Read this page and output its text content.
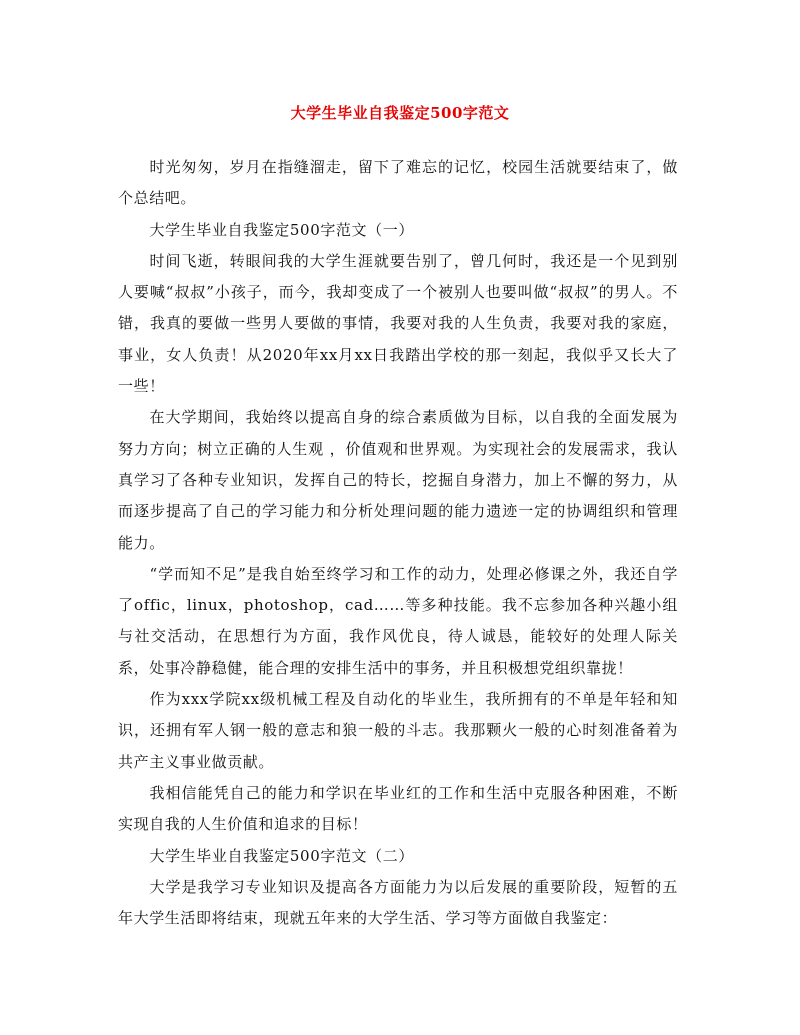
大学生毕业自我鉴定500字范文

时光匆匆，岁月在指缝溜走，留下了难忘的记忆，校园生活就要结束了，做个总结吧。

大学生毕业自我鉴定500字范文（一）

时间飞逝，转眼间我的大学生涯就要告别了，曾几何时，我还是一个见到别人要喊“叔叔”小孩子，而今，我却变成了一个被别人也要叫做“叔叔”的男人。不错，我真的要做一些男人要做的事情，我要对我的人生负责，我要对我的家庭，事业，女人负责！从2020年xx月xx日我踏出学校的那一刻起，我似乎又长大了一些！

在大学期间，我始终以提高自身的综合素质做为目标，以自我的全面发展为努力方向；树立正确的人生观 ，价值观和世界观。为实现社会的发展需求，我认真学习了各种专业知识，发挥自己的特长，挖掘自身潜力，加上不懈的努力，从而逐步提高了自己的学习能力和分析处理问题的能力遗迹一定的协调组织和管理能力。

“学而知不足”是我自始至终学习和工作的动力，处理必修课之外，我还自学了offic，linux，photoshop，cad……等多种技能。我不忘参加各种兴趣小组与社交活动，在思想行为方面，我作风优良，待人诚恳，能较好的处理人际关系，处事冷静稳健，能合理的安排生活中的事务，并且积极想党组织靠拢！

作为xxx学院xx级机械工程及自动化的毕业生，我所拥有的不单是年轻和知识，还拥有军人钢一般的意志和狼一般的斗志。我那颗火一般的心时刻准备着为共产主义事业做贡献。

我相信能凭自己的能力和学识在毕业红的工作和生活中克服各种困难，不断实现自我的人生价值和追求的目标！

大学生毕业自我鉴定500字范文（二）

大学是我学习专业知识及提高各方面能力为以后发展的重要阶段，短暂的五年大学生活即将结束，现就五年来的大学生活、学习等方面做自我鉴定：
